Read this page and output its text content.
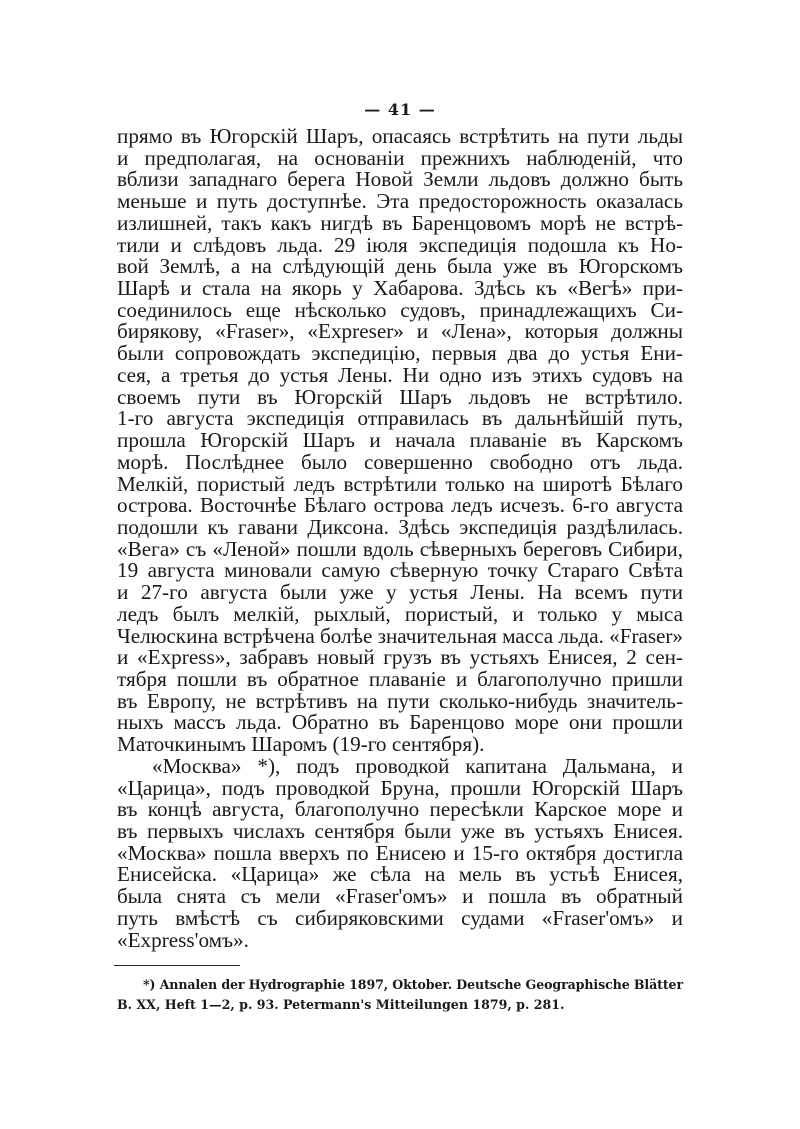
— 41 —
прямо въ Югорскiй Шаръ, опасаясь встрѣтить на пути льды
и предполагая, на основанiи прежнихъ наблюденiй, что
вблизи западнаго берега Новой Земли льдовъ должно быть
меньше и путь доступнѣе. Эта предосторожность оказалась
излишней, такъ какъ нигдѣ въ Баренцовомъ морѣ не встрѣ-
тили и слѣдовъ льда. 29 iюля экспедицiя подошла къ Но-
вой Землѣ, а на слѣдующiй день была уже въ Югорскомъ
Шарѣ и стала на якорь у Хабарова. Здѣсь къ «Вегѣ» при-
соединилось еще нѣсколько судовъ, принадлежащихъ Си-
бирякову, «Fraser», «Expreser» и «Лена», которыя должны
были сопровождать экспедицiю, первыя два до устья Ени-
сея, а третья до устья Лены. Ни одно изъ этихъ судовъ на
своемъ пути въ Югорскiй Шаръ льдовъ не встрѣтило.
1-го августа экспедицiя отправилась въ дальнѣйшiй путь,
прошла Югорскiй Шаръ и начала плаванiе въ Карскомъ
морѣ. Послѣднее было совершенно свободно отъ льда.
Мелкiй, пористый ледъ встрѣтили только на широтѣ Бѣлаго
острова. Восточнѣе Бѣлаго острова ледъ исчезъ. 6-го августа
подошли къ гавани Диксона. Здѣсь экспедицiя раздѣлилась.
«Вега» съ «Леной» пошли вдоль сѣверныхъ береговъ Сибири,
19 августа миновали самую сѣверную точку Стараго Свѣта
и 27-го августа были уже у устья Лены. На всемъ пути
ледъ былъ мелкiй, рыхлый, пористый, и только у мыса
Челюскина встрѣчена болѣе значительная масса льда. «Fraser»
и «Express», забравъ новый грузъ въ устьяхъ Енисея, 2 сен-
тября пошли въ обратное плаванiе и благополучно пришли
въ Европу, не встрѣтивъ на пути сколько-нибудь значитель-
ныхъ массъ льда. Обратно въ Баренцово море они прошли
Маточкинымъ Шаромъ (19-го сентября).
«Москва» *), подъ проводкой капитана Дальмана, и
«Царица», подъ проводкой Бруна, прошли Югорскiй Шаръ
въ концѣ августа, благополучно пересѣкли Карское море и
въ первыхъ числахъ сентября были уже въ устьяхъ Енисея.
«Москва» пошла вверхъ по Енисею и 15-го октября достигла
Енисейска. «Царица» же сѣла на мель въ устьѣ Енисея,
была снята съ мели «Fraser'омъ» и пошла въ обратный
путь вмѣстѣ съ сибиряковскими судами «Fraser'омъ» и
«Express'омъ».
*) Annalen der Hydrographie 1897, Oktober. Deutsche Geographische Blätter
B. XX, Heft 1—2, p. 93. Petermann's Mitteilungen 1879, p. 281.
